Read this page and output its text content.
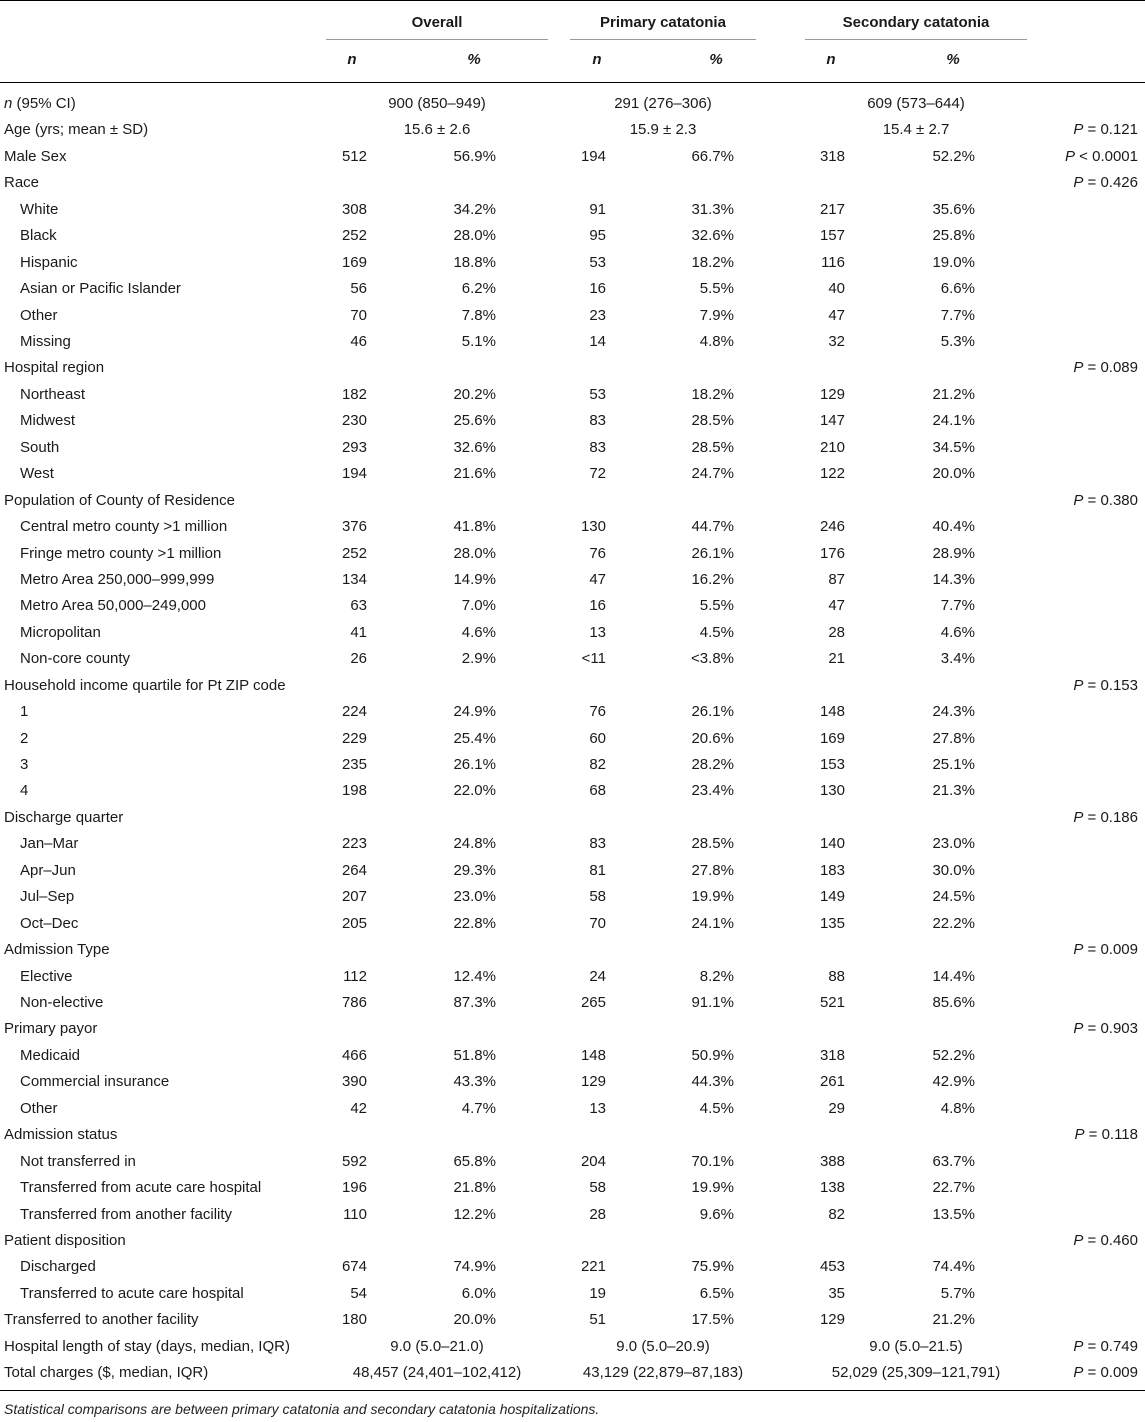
Overall	Primary catatonia	Secondary catatonia
n	%	n	%	n	%
n (95% CI)	900 (850–949)	291 (276–306)	609 (573–644)
Age (yrs; mean ± SD)	15.6 ± 2.6	15.9 ± 2.3	15.4 ± 2.7	P = 0.121
Male Sex	512	56.9%	194	66.7%	318	52.2%	P < 0.0001
Race	P = 0.426
White	308	34.2%	91	31.3%	217	35.6%
Black	252	28.0%	95	32.6%	157	25.8%
Hispanic	169	18.8%	53	18.2%	116	19.0%
Asian or Pacific Islander	56	6.2%	16	5.5%	40	6.6%
Other	70	7.8%	23	7.9%	47	7.7%
Missing	46	5.1%	14	4.8%	32	5.3%
Hospital region	P = 0.089
Northeast	182	20.2%	53	18.2%	129	21.2%
Midwest	230	25.6%	83	28.5%	147	24.1%
South	293	32.6%	83	28.5%	210	34.5%
West	194	21.6%	72	24.7%	122	20.0%
Population of County of Residence	P = 0.380
Central metro county >1 million	376	41.8%	130	44.7%	246	40.4%
Fringe metro county >1 million	252	28.0%	76	26.1%	176	28.9%
Metro Area 250,000–999,999	134	14.9%	47	16.2%	87	14.3%
Metro Area 50,000–249,000	63	7.0%	16	5.5%	47	7.7%
Micropolitan	41	4.6%	13	4.5%	28	4.6%
Non-core county	26	2.9%	<11	<3.8%	21	3.4%
Household income quartile for Pt ZIP code	P = 0.153
1	224	24.9%	76	26.1%	148	24.3%
2	229	25.4%	60	20.6%	169	27.8%
3	235	26.1%	82	28.2%	153	25.1%
4	198	22.0%	68	23.4%	130	21.3%
Discharge quarter	P = 0.186
Jan–Mar	223	24.8%	83	28.5%	140	23.0%
Apr–Jun	264	29.3%	81	27.8%	183	30.0%
Jul–Sep	207	23.0%	58	19.9%	149	24.5%
Oct–Dec	205	22.8%	70	24.1%	135	22.2%
Admission Type	P = 0.009
Elective	112	12.4%	24	8.2%	88	14.4%
Non-elective	786	87.3%	265	91.1%	521	85.6%
Primary payor	P = 0.903
Medicaid	466	51.8%	148	50.9%	318	52.2%
Commercial insurance	390	43.3%	129	44.3%	261	42.9%
Other	42	4.7%	13	4.5%	29	4.8%
Admission status	P = 0.118
Not transferred in	592	65.8%	204	70.1%	388	63.7%
Transferred from acute care hospital	196	21.8%	58	19.9%	138	22.7%
Transferred from another facility	110	12.2%	28	9.6%	82	13.5%
Patient disposition	P = 0.460
Discharged	674	74.9%	221	75.9%	453	74.4%
Transferred to acute care hospital	54	6.0%	19	6.5%	35	5.7%
Transferred to another facility	180	20.0%	51	17.5%	129	21.2%
Hospital length of stay (days, median, IQR)	9.0 (5.0–21.0)	9.0 (5.0–20.9)	9.0 (5.0–21.5)	P = 0.749
Total charges ($, median, IQR)	48,457 (24,401–102,412)	43,129 (22,879–87,183)	52,029 (25,309–121,791)	P = 0.009
Statistical comparisons are between primary catatonia and secondary catatonia hospitalizations.
